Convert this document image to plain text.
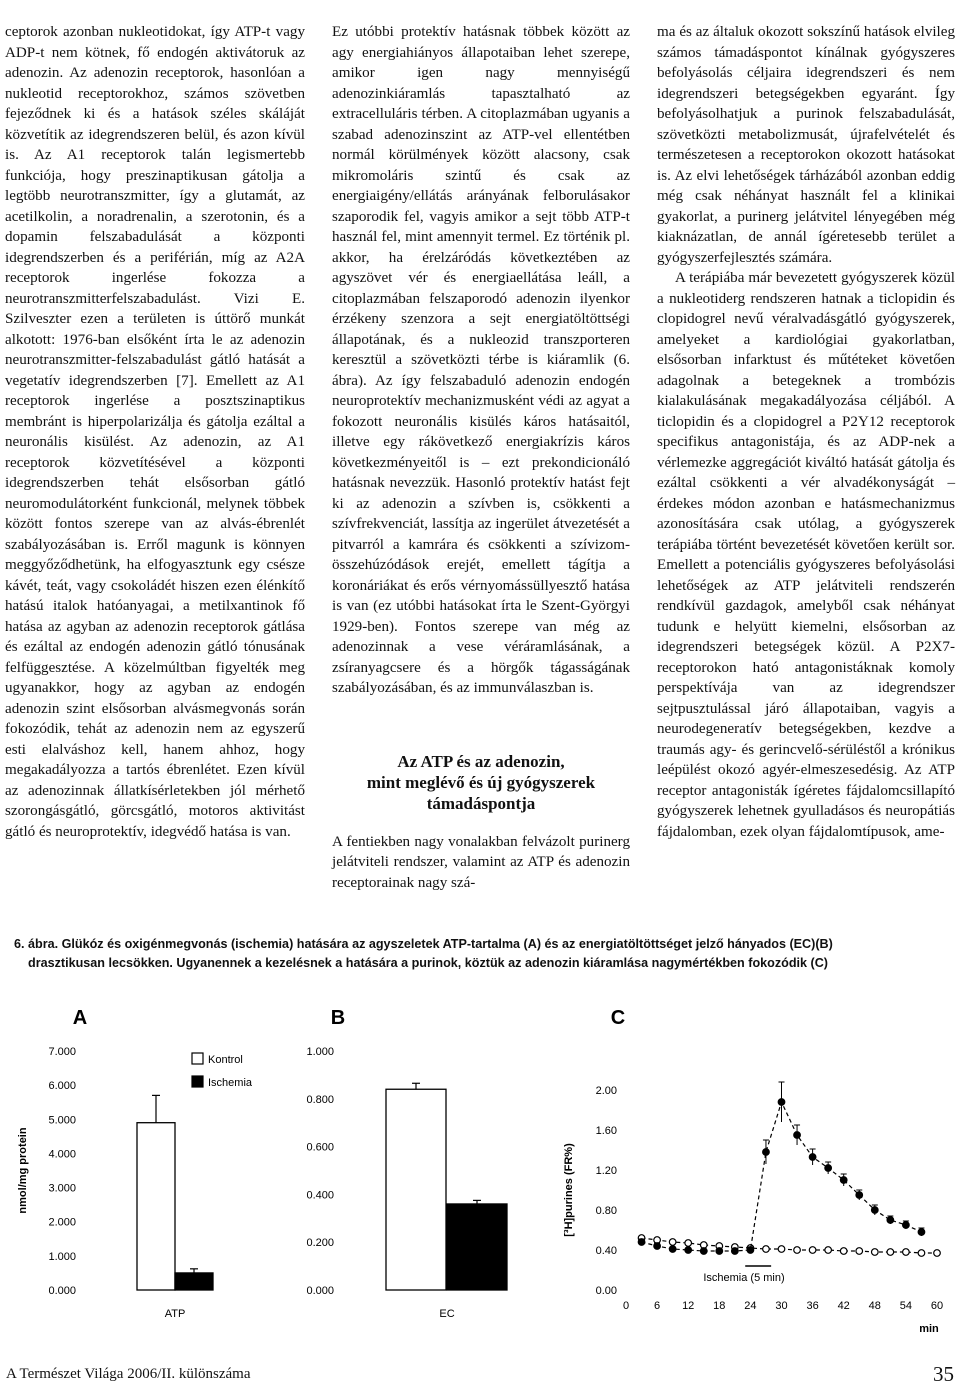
ceptorok azonban nukleotidokat, így ATP-t vagy ADP-t nem kötnek, fő endogén aktivátoruk az adenozin. Az adenozin receptorok, hasonlóan a nukleotid receptorokhoz, számos szövetben fejeződnek ki és a hatások széles skáláját közvetítik az idegrendszeren belül, és azon kívül is. Az A1 receptorok talán legismertebb funkciója, hogy preszinaptikusan gátolja a legtöbb neurotranszmitter, így a glutamát, az acetilkolin, a noradrenalin, a szerotonin, és a dopamin felszabadulását a központi idegrendszerben és a periférián, míg az A2A receptorok ingerlése fokozza a neurotranszmitterfelszabadulást. Vizi E. Szilveszter ezen a területen is úttörő munkát alkotott: 1976-ban elsőként írta le az adenozin neurotranszmitter-felszabadulást gátló hatását a vegetatív idegrendszerben [7]. Emellett az A1 receptorok ingerlése a posztszinaptikus membránt is hiperpolarizálja és gátolja ezáltal a neuronális kisülést. Az adenozin, az A1 receptorok közvetítésével a központi idegrendszerben tehát elsősorban gátló neuromodulátorként funkcionál, melynek többek között fontos szerepe van az alvás-ébrenlét szabályozásában is. Erről magunk is könnyen meggyőződhetünk, ha elfogyasztunk egy csésze kávét, teát, vagy csokoládét hiszen ezen élénkítő hatású italok hatóanyagai, a metilxantinok fő hatása az agyban az adenozin receptorok gátlása és ezáltal az endogén adenozin gátló tónusának felfüggesztése. A közelmúltban figyelték meg ugyanakkor, hogy az agyban az endogén adenozin szint elsősorban alvásmegvonás során fokozódik, tehát az adenozin nem az egyszerű esti elalváshoz kell, hanem ahhoz, hogy megakadályozza a tartós ébrenlétet. Ezen kívül az adenozinnak állatkísérletekben jól mérhető szorongásgátló, görcsgátló, motoros aktivitást gátló és neuroprotektív, idegvédő hatása is van.

Ez utóbbi protektív hatásnak többek között az agy energiahiányos állapotaiban lehet szerepe, amikor igen nagy mennyiségű adenozinkiáramlás tapasztalható az extracelluláris térben. A citoplazmában ugyanis a szabad adenozinszint az ATP-vel ellentétben normál körülmények között alacsony, csak mikromoláris szintű és csak az energiaigény/ellátás arányának felborulásakor szaporodik fel, vagyis amikor a sejt több ATP-t használ fel, mint amennyit termel. Ez történik pl. akkor, ha érelzáródás következtében az agyszövet vér és energiaellátása leáll, a citoplazmában felszaporodó adenozin ilyenkor érzékeny szenzora a sejt energiatöltöttségi állapotának, és a nukleozid transzporteren keresztül a szövetközti térbe is kiáramlik (6. ábra). Az így felszabaduló adenozin endogén neuroprotektív mechanizmusként védi az agyat a fokozott neuronális kisülés káros hatásaitól, illetve egy rákövetkező energiakrízis káros következményeitől is – ezt prekondicionáló hatásnak nevezzük. Hasonló protektív hatást fejt ki az adenozin a szívben is, csökkenti a szívfrekvenciát, lassítja az ingerület átvezetését a pitvarról a kamrára és csökkenti a szívizom-összehúzódások erejét, emellett tágítja a koronáriákat és erős vérnyomássüllyesztő hatása is van (ez utóbbi hatásokat írta le Szent-Györgyi 1929-ben). Fontos szerepe van még az adenozinnak a vese véráramlásának, a zsíranyagcsere és a hörgők tágasságának szabályozásában, és az immunválaszban is.

Az ATP és az adenozin,
mint meglévő és új gyógyszerek
támadáspontja

A fentiekben nagy vonalakban felvázolt purinerg jelátviteli rendszer, valamint az ATP és adenozin receptorainak nagy szá-

ma és az általuk okozott sokszínű hatások elvileg számos támadáspontot kínálnak gyógyszeres befolyásolás céljaira idegrendszeri és nem idegrendszeri betegségekben egyaránt. Így befolyásolhatjuk a purinok felszabadulását, szövetközti metabolizmusát, újrafelvételét és természetesen a receptorokon okozott hatásokat is. Az elvi lehetőségek tárházából azonban eddig még csak néhányat használt fel a klinikai gyakorlat, a purinerg jelátvitel lényegében még kiaknázatlan, de annál ígéretesebb terület a gyógyszerfejlesztés számára.

A terápiába már bevezetett gyógyszerek közül a nukleotiderg rendszeren hatnak a ticlopidin és clopidogrel nevű véralvadásgátló gyógyszerek, amelyeket a kardiológiai gyakorlatban, elsősorban infarktust és műtéteket követően adagolnak a betegeknek a trombózis kialakulásának megakadályozása céljából. A ticlopidin és a clopidogrel a P2Y12 receptorok specifikus antagonistája, és az ADP-nek a vérlemezke aggregációt kiváltó hatását gátolja és ezáltal csökkenti a vér alvadékonyságát – érdekes módon azonban e hatásmechanizmus azonosítására csak utólag, a gyógyszerek terápiába történt bevezetését követően került sor. Emellett a potenciális gyógyszeres befolyásolási lehetőségek az ATP jelátviteli rendszerén rendkívül gazdagok, amelyből csak néhányat tudunk e helyütt kiemelni, elsősorban az idegrendszeri betegségek közül. A P2X7- receptorokon ható antagonistáknak komoly perspektívája van az idegrendszer sejtpusztulással járó állapotaiban, vagyis a neurodegeneratív betegségekben, kezdve a traumás agy- és gerincvelő-sérüléstől a krónikus leépülést okozó agyér-elmeszesedésig. Az ATP receptor antagonisták ígéretes fájdalomcsillapító gyógyszerek lehetnek gyulladásos és neuropátiás fájdalomban, ezek olyan fájdalomtípusok, ame-

6. ábra. Glükóz és oxigénmegvonás (ischemia) hatására az agyszeletek ATP-tartalma (A) és az energiatöltöttséget jelző hányados (EC)(B)
drasztikusan lecsökken. Ugyanennek a kezelésnek a hatására a purinok, köztük az adenozin kiáramlása nagymértékben fokozódik (C)
A
Kontrol
Ischemia
0.000
1.000
2.000
3.000
4.000
5.000
6.000
7.000
ATP
nmol/mg protein
B
0.000
0.200
0.400
0.600
0.800
1.000
EC
C
0.00
0.40
0.80
1.20
1.60
2.00
0 6 12 18 24 30 36 42 48 54 60
min
[³H]purines (FR%)
Ischemia (5 min)
A Természet Világa 2006/II. különszáma	35
